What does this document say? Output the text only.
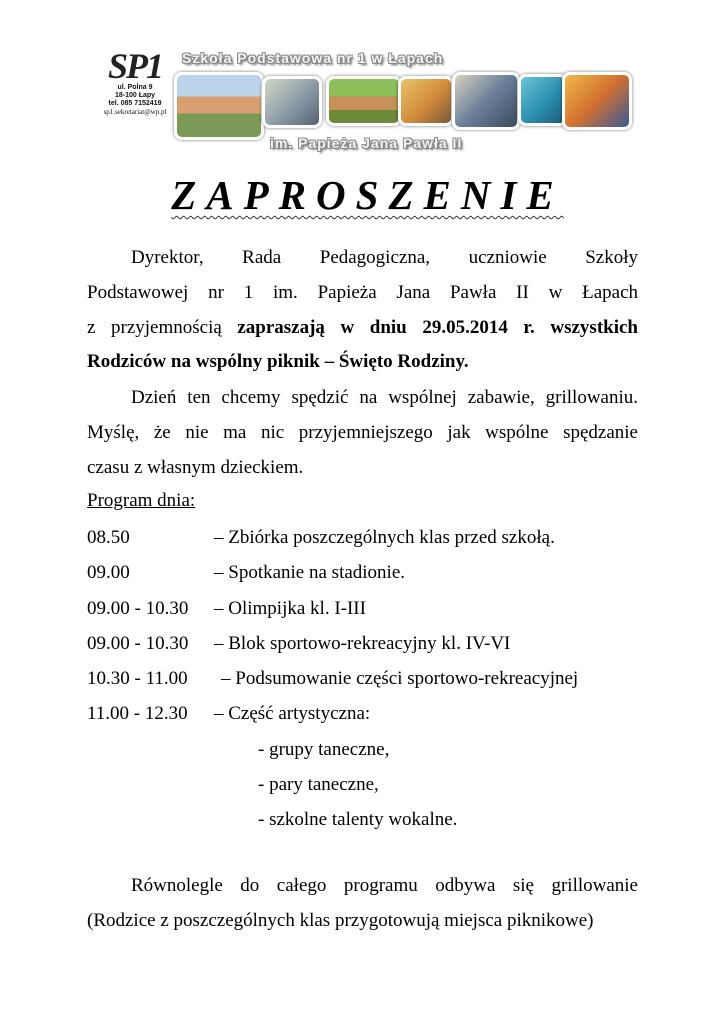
SP1
ul. Polna 9
18-100 Łapy
tel. 085 7152419
sp1.sekretariat@wp.pl
Szkoła Podstawowa nr 1 w Łapach
im. Papieża Jana Pawła II
ZAPROSZENIE
Dyrektor, Rada Pedagogiczna, uczniowie Szkoły
Podstawowej nr 1 im. Papieża Jana Pawła II w Łapach
z przyjemnością zapraszają w dniu 29.05.2014 r. wszystkich
Rodziców na wspólny piknik – Święto Rodziny.
Dzień ten chcemy spędzić na wspólnej zabawie, grillowaniu.
Myślę, że nie ma nic przyjemniejszego jak wspólne spędzanie
czasu z własnym dzieckiem.
Program dnia:
08.50	– Zbiórka poszczególnych klas przed szkołą.
09.00	– Spotkanie na stadionie.
09.00 - 10.30 – Olimpijka kl. I-III
09.00 - 10.30 – Blok sportowo-rekreacyjny kl. IV-VI
10.30 - 11.00 – Podsumowanie części sportowo-rekreacyjnej
11.00 - 12.30 – Część artystyczna:
- grupy taneczne,
- pary taneczne,
- szkolne talenty wokalne.
Równolegle do całego programu odbywa się grillowanie
(Rodzice z poszczególnych klas przygotowują miejsca piknikowe)
